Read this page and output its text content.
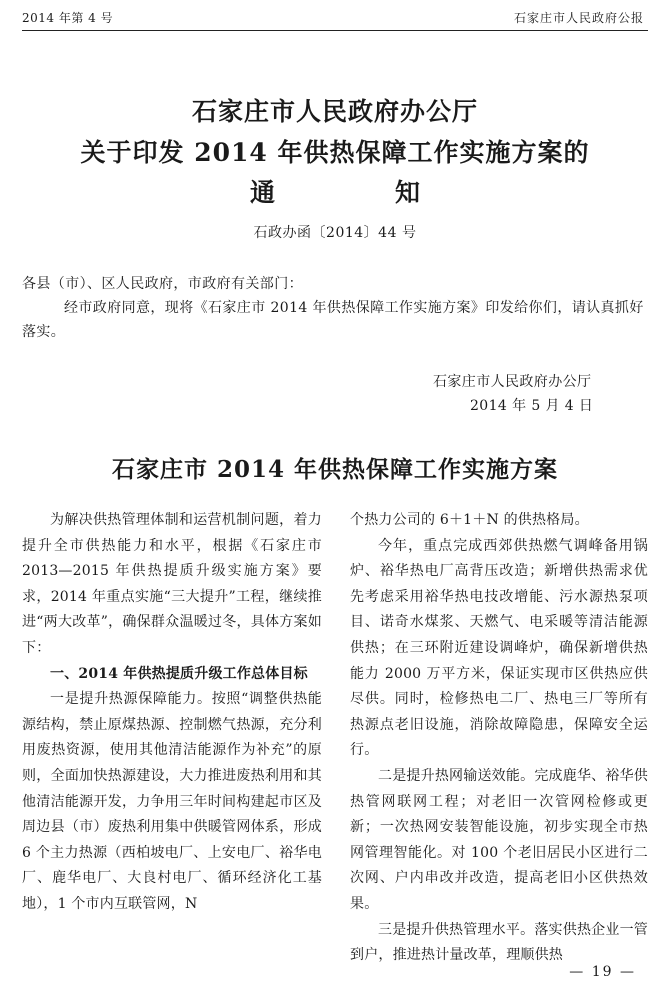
2014 年第 4 号	石家庄市人民政府公报
石家庄市人民政府办公厅
关于印发 2014 年供热保障工作实施方案的
通知
石政办函〔2014〕44 号
各县（市）、区人民政府，市政府有关部门：
经市政府同意，现将《石家庄市 2014 年供热保障工作实施方案》印发给你们，请认真抓好落实。
石家庄市人民政府办公厅
2014 年 5 月 4 日
石家庄市 2014 年供热保障工作实施方案

为解决供热管理体制和运营机制问题，着力提升全市供热能力和水平，根据《石家庄市 2013—2015 年供热提质升级实施方案》要求，2014 年重点实施“三大提升”工程，继续推进“两大改革”，确保群众温暖过冬，具体方案如下：

一、2014 年供热提质升级工作总体目标

一是提升热源保障能力。按照“调整供热能源结构，禁止原煤热源、控制燃气热源，充分利用废热资源，使用其他清洁能源作为补充”的原则，全面加快热源建设，大力推进废热利用和其他清洁能源开发，力争用三年时间构建起市区及周边县（市）废热利用集中供暖管网体系，形成 6 个主力热源（西柏坡电厂、上安电厂、裕华电厂、鹿华电厂、大良村电厂、循环经济化工基地），1 个市内互联管网，N

个热力公司的 6＋1＋N 的供热格局。

今年，重点完成西郊供热燃气调峰备用锅炉、裕华热电厂高背压改造；新增供热需求优先考虑采用裕华热电技改增能、污水源热泵项目、诺奇水煤浆、天燃气、电采暖等清洁能源供热；在三环附近建设调峰炉，确保新增供热能力 2000 万平方米，保证实现市区供热应供尽供。同时，检修热电二厂、热电三厂等所有热源点老旧设施，消除故障隐患，保障安全运行。

二是提升热网输送效能。完成鹿华、裕华供热管网联网工程；对老旧一次管网检修或更新；一次热网安装智能设施，初步实现全市热网管理智能化。对 100 个老旧居民小区进行二次网、户内串改并改造，提高老旧小区供热效果。

三是提升供热管理水平。落实供热企业一管到户，推进热计量改革，理顺供热

— 19 —
